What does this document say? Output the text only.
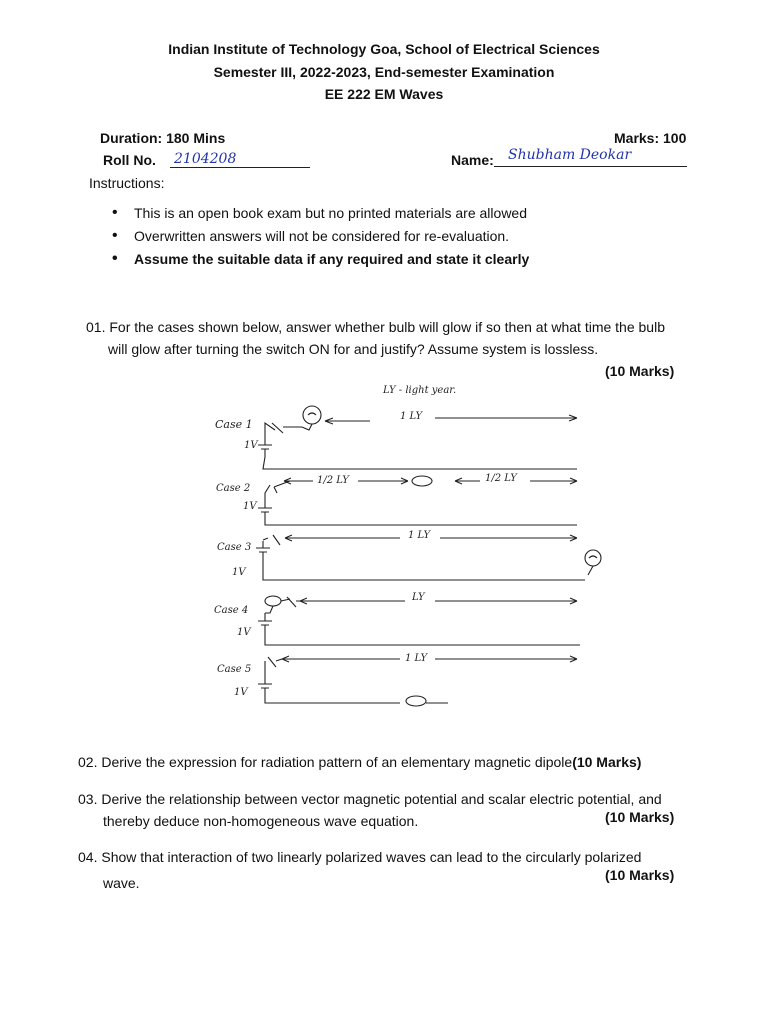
Indian Institute of Technology Goa, School of Electrical Sciences
Semester III, 2022-2023, End-semester Examination
EE 222 EM Waves
Duration: 180 Mins	Marks: 100
Roll No. 2104208	Name:	Shubham Deokar
Instructions:
• This is an open book exam but no printed materials are allowed
• Overwritten answers will not be considered for re-evaluation.
• Assume the suitable data if any required and state it clearly
01. For the cases shown below, answer whether bulb will glow if so then at what time the bulb
will glow after turning the switch ON for and justify? Assume system is lossless.
(10 Marks)
LY - light year.
Case 1
1V
1 LY
Case 2
1V
1/2 LY	1/2 LY
Case 3
1V
1 LY
Case 4
1V
LY
Case 5
1V
1 LY
02. Derive the expression for radiation pattern of an elementary magnetic dipole(10 Marks)
03. Derive the relationship between vector magnetic potential and scalar electric potential, and
thereby deduce non-homogeneous wave equation.	(10 Marks)
04. Show that interaction of two linearly polarized waves can lead to the circularly polarized
wave.	(10 Marks)
